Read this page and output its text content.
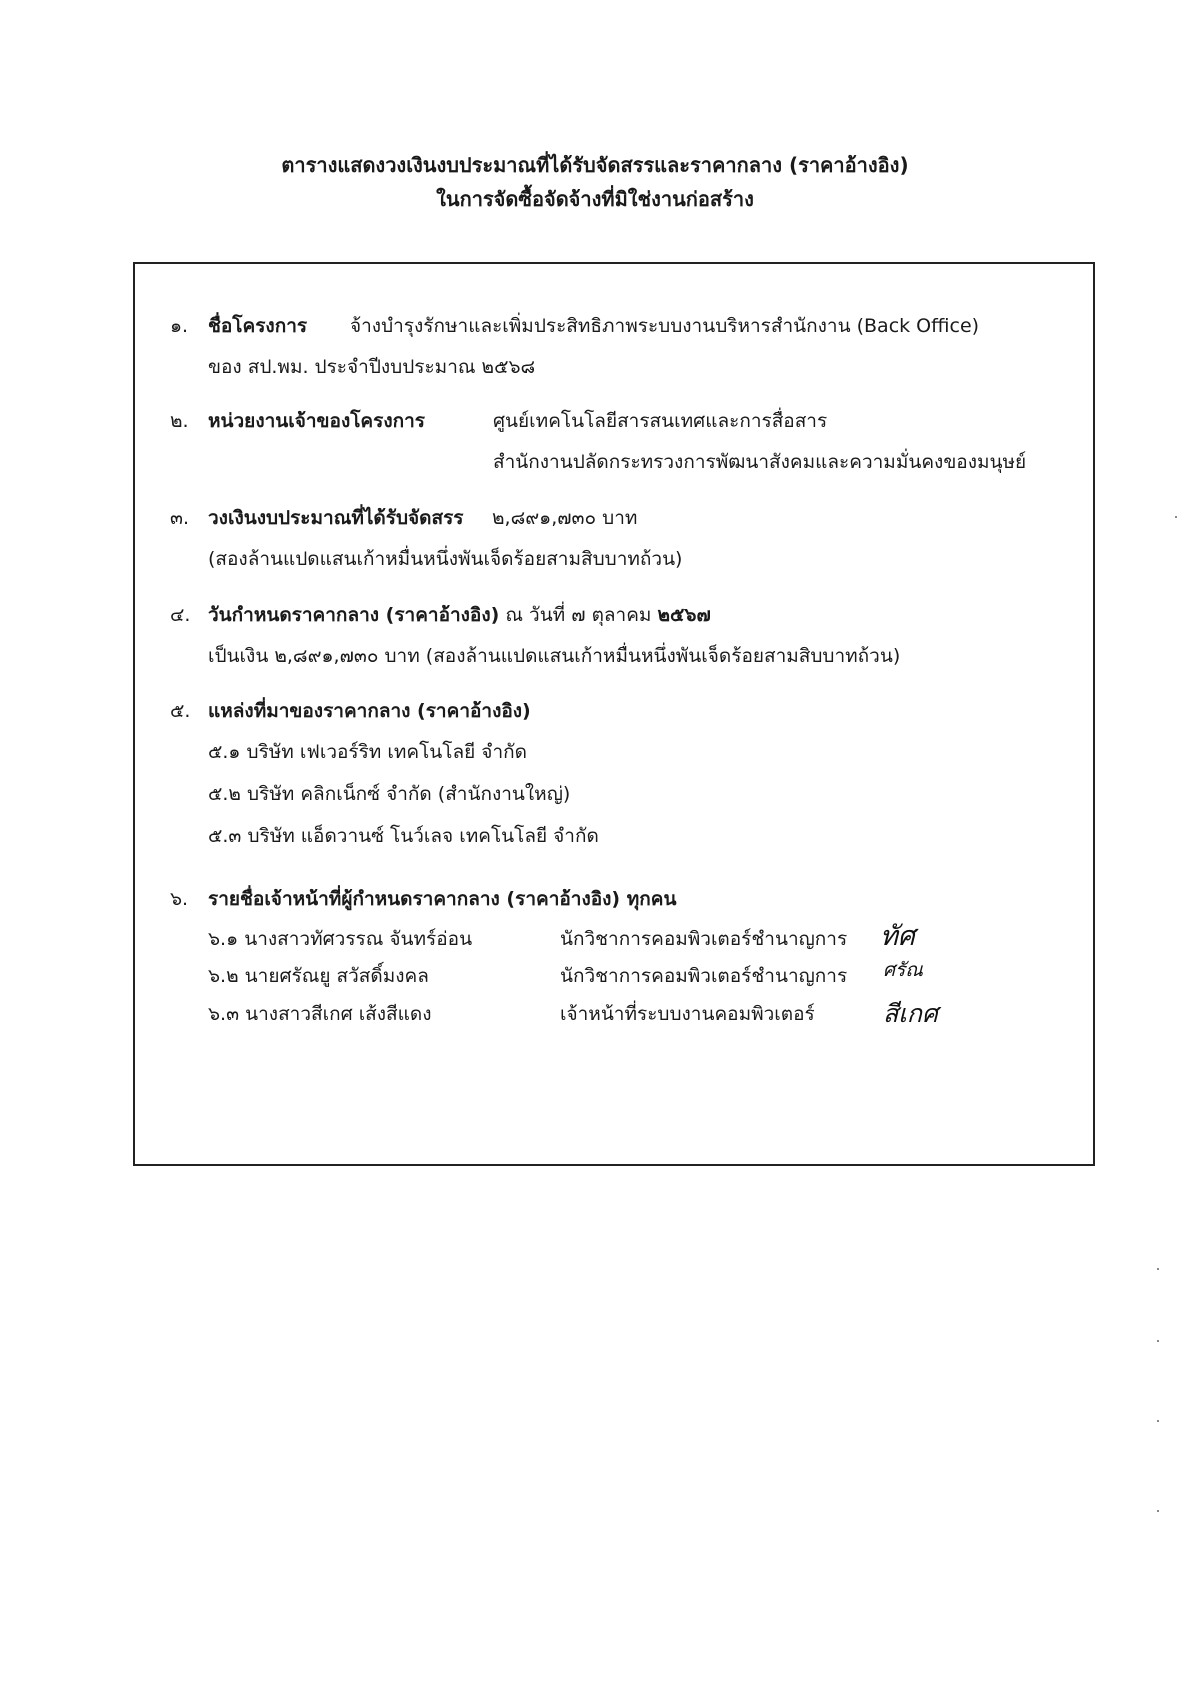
ตารางแสดงวงเงินงบประมาณที่ได้รับจัดสรรและราคากลาง (ราคาอ้างอิง)
ในการจัดซื้อจัดจ้างที่มิใช่งานก่อสร้าง
๑. ชื่อโครงการ จ้างบำรุงรักษาและเพิ่มประสิทธิภาพระบบงานบริหารสำนักงาน (Back Office)
ของ สป.พม. ประจำปีงบประมาณ ๒๕๖๘
๒. หน่วยงานเจ้าของโครงการ	ศูนย์เทคโนโลยีสารสนเทศและการสื่อสาร
สำนักงานปลัดกระทรวงการพัฒนาสังคมและความมั่นคงของมนุษย์
๓. วงเงินงบประมาณที่ได้รับจัดสรร ๒,๘๙๑,๗๓๐ บาท
(สองล้านแปดแสนเก้าหมื่นหนึ่งพันเจ็ดร้อยสามสิบบาทถ้วน)
๔. วันกำหนดราคากลาง (ราคาอ้างอิง) ณ วันที่ ๗ ตุลาคม ๒๕๖๗
เป็นเงิน ๒,๘๙๑,๗๓๐ บาท (สองล้านแปดแสนเก้าหมื่นหนึ่งพันเจ็ดร้อยสามสิบบาทถ้วน)
๕. แหล่งที่มาของราคากลาง (ราคาอ้างอิง)
๕.๑ บริษัท เฟเวอร์ริท เทคโนโลยี จำกัด
๕.๒ บริษัท คลิกเน็กซ์ จำกัด (สำนักงานใหญ่)
๕.๓ บริษัท แอ็ดวานซ์ โนว์เลจ เทคโนโลยี จำกัด
๖. รายชื่อเจ้าหน้าที่ผู้กำหนดราคากลาง (ราคาอ้างอิง) ทุกคน
๖.๑ นางสาวทัศวรรณ จันทร์อ่อน	นักวิชาการคอมพิวเตอร์ชำนาญการ ทัศ
๖.๒ นายศรัณยู สวัสดิ์มงคล	นักวิชาการคอมพิวเตอร์ชำนาญการ ศรัณ
๖.๓ นางสาวสีเกศ เส้งสีแดง	เจ้าหน้าที่ระบบงานคอมพิวเตอร์	สีเกศ
